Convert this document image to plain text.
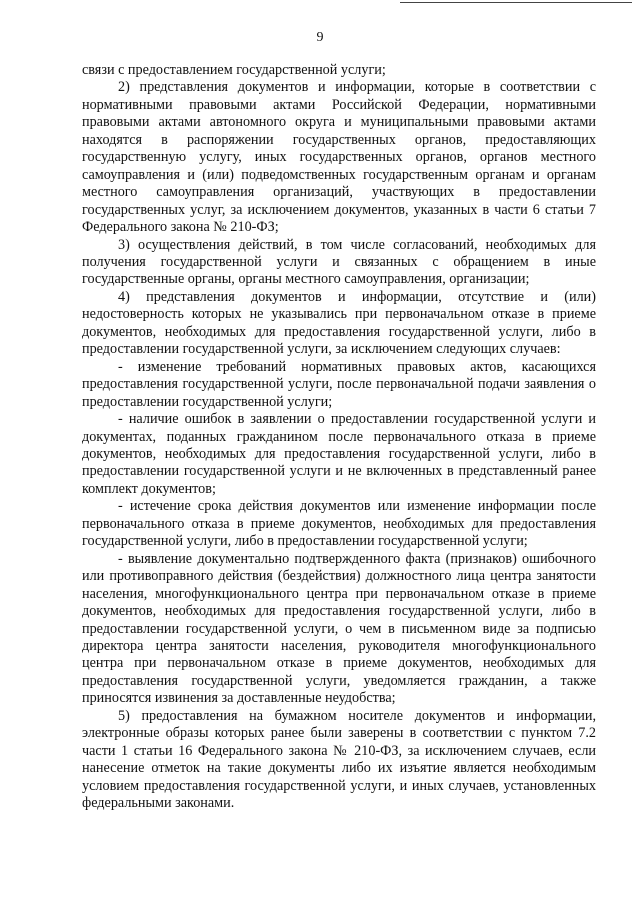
9

связи с предоставлением государственной услуги;

2) представления документов и информации, которые в соответствии с нормативными правовыми актами Российской Федерации, нормативными правовыми актами автономного округа и муниципальными правовыми актами находятся в распоряжении государственных органов, предоставляющих государственную услугу, иных государственных органов, органов местного самоуправления и (или) подведомственных государственным органам и органам местного самоуправления организаций, участвующих в предоставлении государственных услуг, за исключением документов, указанных в части 6 статьи 7 Федерального закона № 210-ФЗ;

3) осуществления действий, в том числе согласований, необходимых для получения государственной услуги и связанных с обращением в иные государственные органы, органы местного самоуправления, организации;

4) представления документов и информации, отсутствие и (или) недостоверность которых не указывались при первоначальном отказе в приеме документов, необходимых для предоставления государственной услуги, либо в предоставлении государственной услуги, за исключением следующих случаев:

- изменение требований нормативных правовых актов, касающихся предоставления государственной услуги, после первоначальной подачи заявления о предоставлении государственной услуги;

- наличие ошибок в заявлении о предоставлении государственной услуги и документах, поданных гражданином после первоначального отказа в приеме документов, необходимых для предоставления государственной услуги, либо в предоставлении государственной услуги и не включенных в представленный ранее комплект документов;

- истечение срока действия документов или изменение информации после первоначального отказа в приеме документов, необходимых для предоставления государственной услуги, либо в предоставлении государственной услуги;

- выявление документально подтвержденного факта (признаков) ошибочного или противоправного действия (бездействия) должностного лица центра занятости населения, многофункционального центра при первоначальном отказе в приеме документов, необходимых для предоставления государственной услуги, либо в предоставлении государственной услуги, о чем в письменном виде за подписью директора центра занятости населения, руководителя многофункционального центра при первоначальном отказе в приеме документов, необходимых для предоставления государственной услуги, уведомляется гражданин, а также приносятся извинения за доставленные неудобства;

5) предоставления на бумажном носителе документов и информации, электронные образы которых ранее были заверены в соответствии с пунктом 7.2 части 1 статьи 16 Федерального закона № 210-ФЗ, за исключением случаев, если нанесение отметок на такие документы либо их изъятие является необходимым условием предоставления государственной услуги, и иных случаев, установленных федеральными законами.
